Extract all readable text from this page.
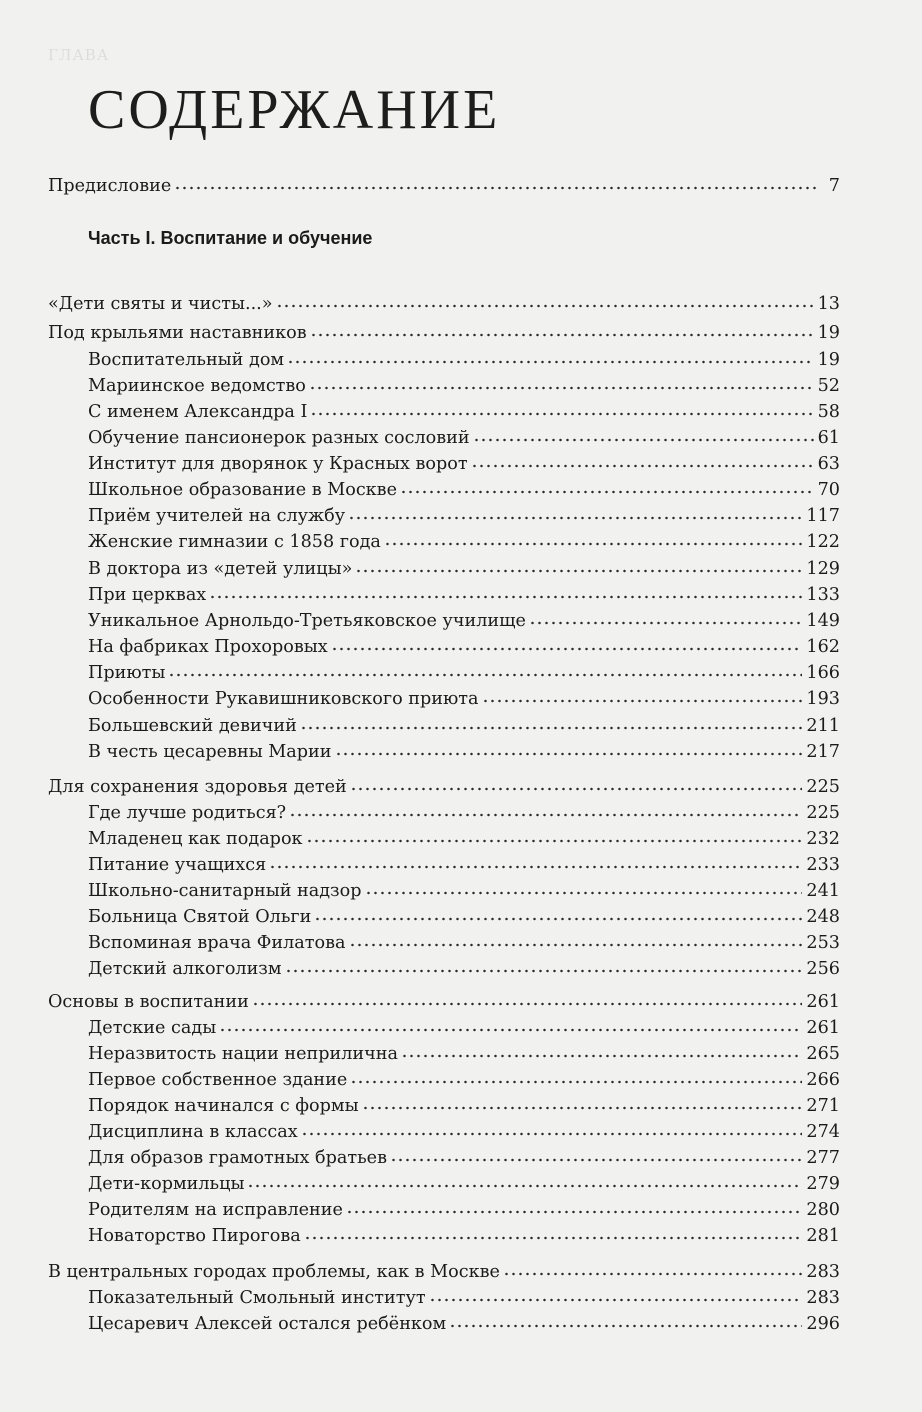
ГЛАВА
СОДЕРЖАНИЕ
Предисловие	7
Часть I. Воспитание и обучение
«Дети святы и чисты...»	13
Под крыльями наставников	19
Воспитательный дом	19
Мариинское ведомство	52
С именем Александра I	58
Обучение пансионерок разных сословий	61
Институт для дворянок у Красных ворот	63
Школьное образование в Москве	70
Приём учителей на службу	117
Женские гимназии с 1858 года	122
В доктора из «детей улицы»	129
При церквах	133
Уникальное Арнольдо-Третьяковское училище	149
На фабриках Прохоровых	162
Приюты	166
Особенности Рукавишниковского приюта	193
Большевский девичий	211
В честь цесаревны Марии	217
Для сохранения здоровья детей	225
Где лучше родиться?	225
Младенец как подарок	232
Питание учащихся	233
Школьно-санитарный надзор	241
Больница Святой Ольги	248
Вспоминая врача Филатова	253
Детский алкоголизм	256
Основы в воспитании	261
Детские сады	261
Неразвитость нации неприлична	265
Первое собственное здание	266
Порядок начинался с формы	271
Дисциплина в классах	274
Для образов грамотных братьев	277
Дети-кормильцы	279
Родителям на исправление	280
Новаторство Пирогова	281
В центральных городах проблемы, как в Москве	283
Показательный Смольный институт	283
Цесаревич Алексей остался ребёнком	296
